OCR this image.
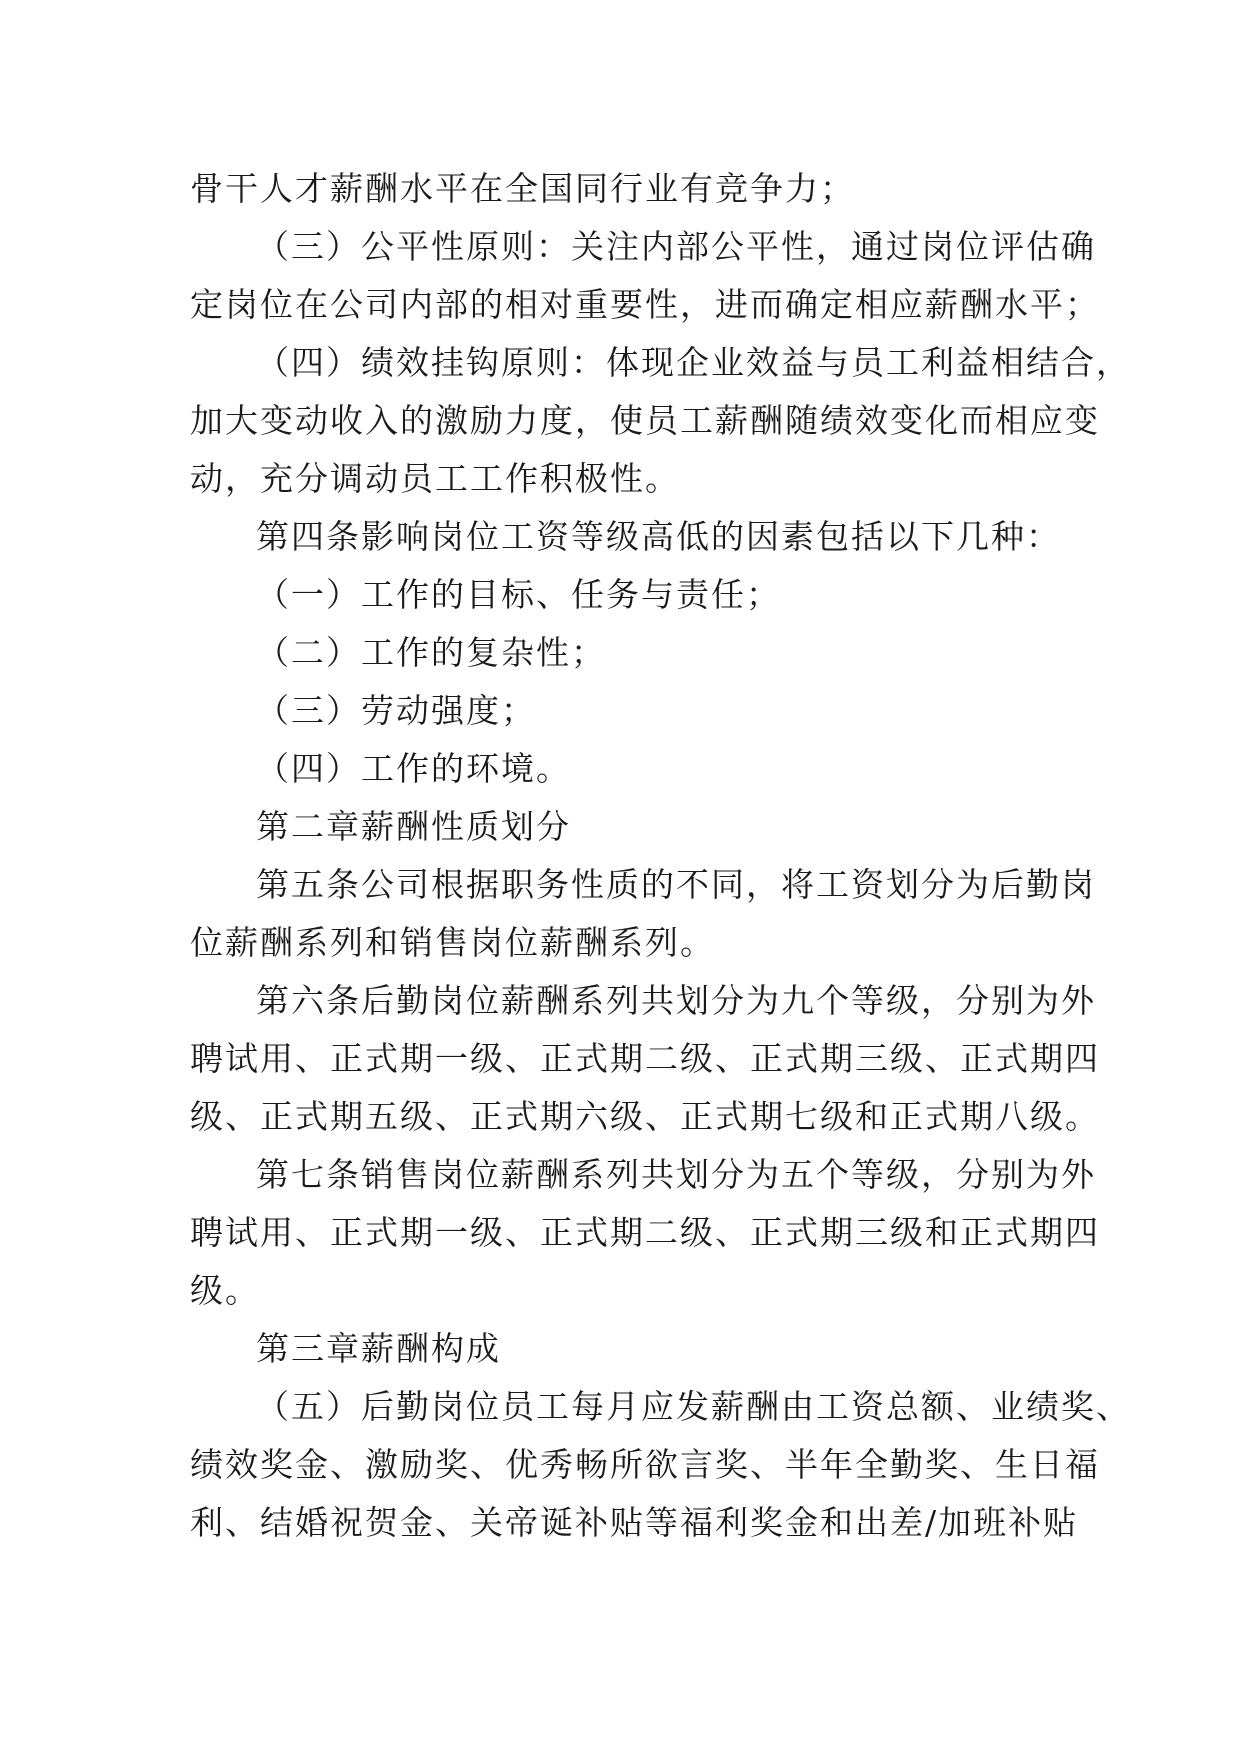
骨干人才薪酬水平在全国同行业有竞争力；
（三）公平性原则：关注内部公平性，通过岗位评估确
定岗位在公司内部的相对重要性，进而确定相应薪酬水平；
（四）绩效挂钩原则：体现企业效益与员工利益相结合，
加大变动收入的激励力度，使员工薪酬随绩效变化而相应变
动，充分调动员工工作积极性。
第四条影响岗位工资等级高低的因素包括以下几种：
（一）工作的目标、任务与责任；
（二）工作的复杂性；
（三）劳动强度；
（四）工作的环境。
第二章薪酬性质划分
第五条公司根据职务性质的不同，将工资划分为后勤岗
位薪酬系列和销售岗位薪酬系列。
第六条后勤岗位薪酬系列共划分为九个等级，分别为外
聘试用、正式期一级、正式期二级、正式期三级、正式期四
级、正式期五级、正式期六级、正式期七级和正式期八级。
第七条销售岗位薪酬系列共划分为五个等级，分别为外
聘试用、正式期一级、正式期二级、正式期三级和正式期四
级。
第三章薪酬构成
（五）后勤岗位员工每月应发薪酬由工资总额、业绩奖、
绩效奖金、激励奖、优秀畅所欲言奖、半年全勤奖、生日福
利、结婚祝贺金、关帝诞补贴等福利奖金和出差/加班补贴
